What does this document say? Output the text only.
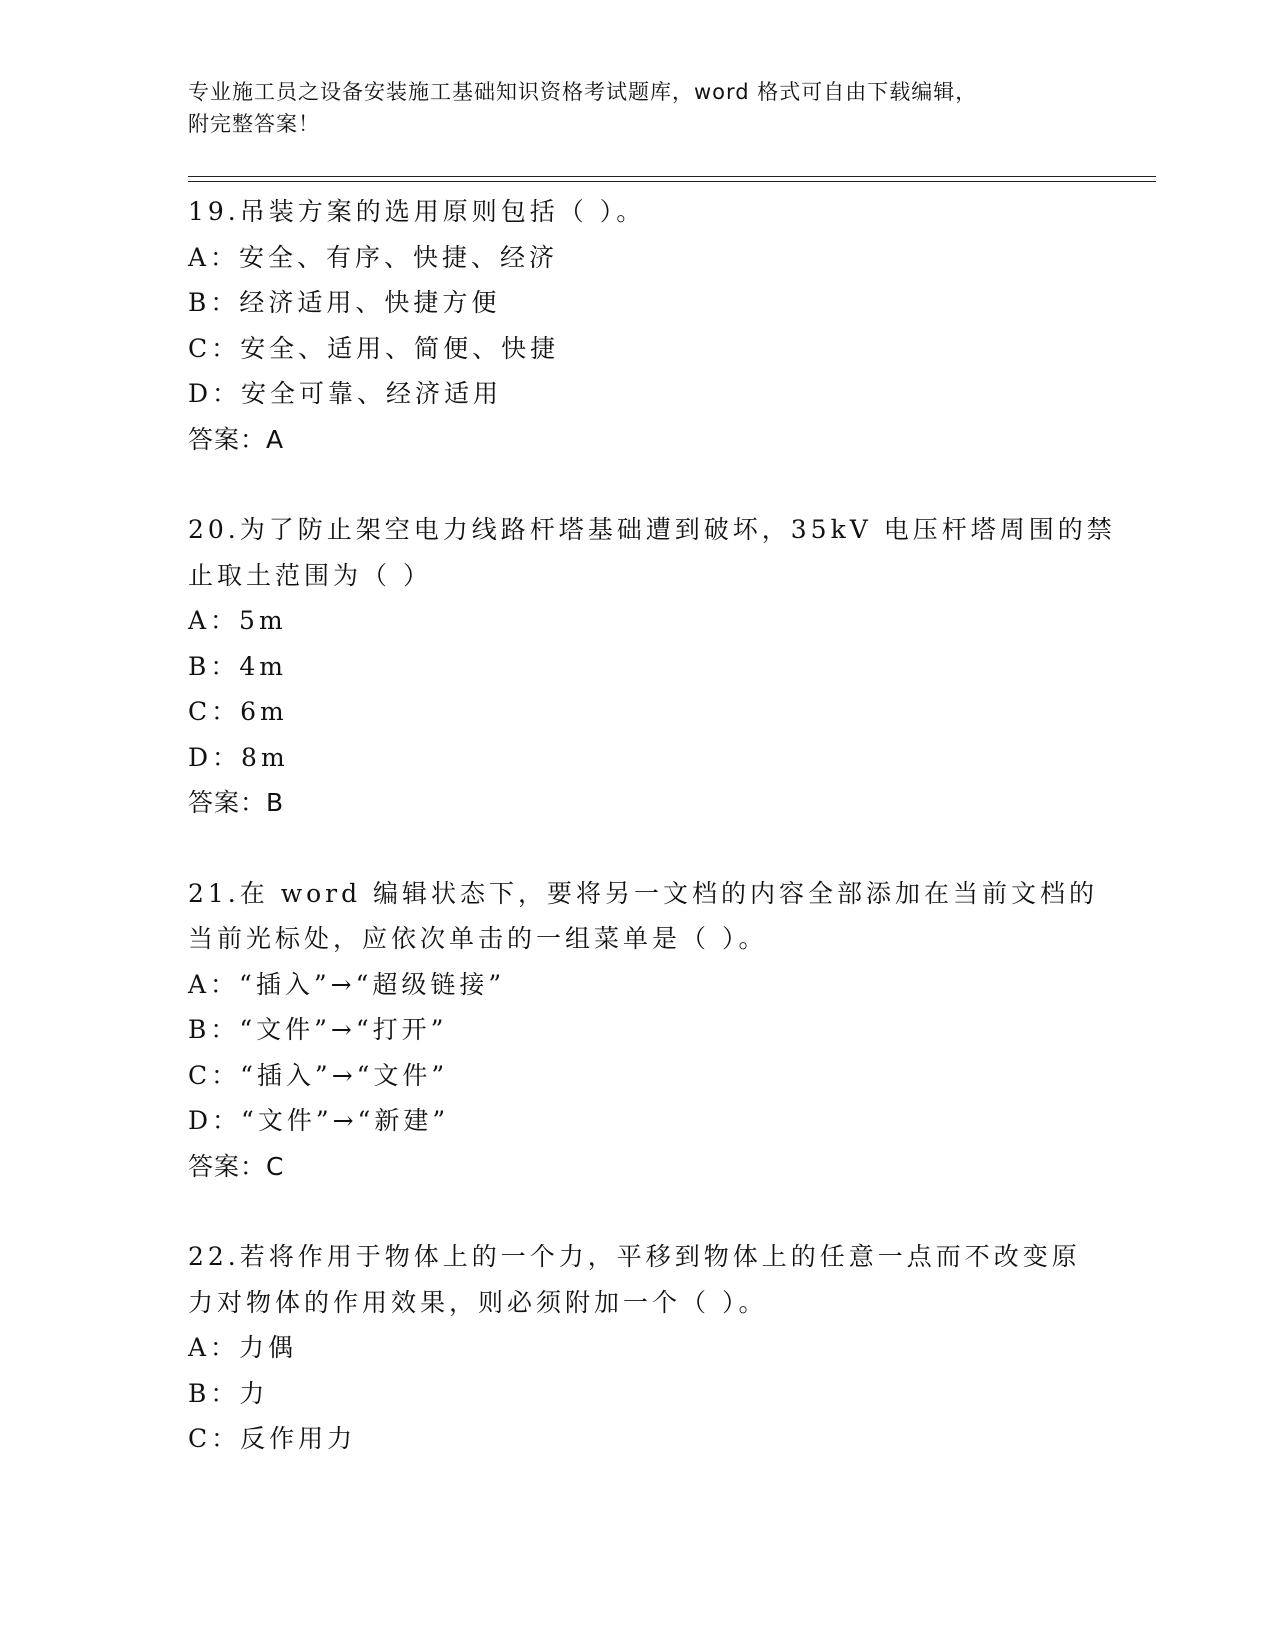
专业施工员之设备安装施工基础知识资格考试题库，word 格式可自由下载编辑，
附完整答案！
19.吊装方案的选用原则包括（ ）。
A：安全、有序、快捷、经济
B：经济适用、快捷方便
C：安全、适用、简便、快捷
D：安全可靠、经济适用
答案：A
20.为了防止架空电力线路杆塔基础遭到破坏，35kV 电压杆塔周围的禁
止取土范围为（ ）
A：5m
B：4m
C：6m
D：8m
答案：B
21.在 word 编辑状态下，要将另一文档的内容全部添加在当前文档的
当前光标处，应依次单击的一组菜单是（ ）。
A：“插入”→“超级链接”
B：“文件”→“打开”
C：“插入”→“文件”
D：“文件”→“新建”
答案：C
22.若将作用于物体上的一个力，平移到物体上的任意一点而不改变原
力对物体的作用效果，则必须附加一个（ ）。
A：力偶
B：力
C：反作用力
